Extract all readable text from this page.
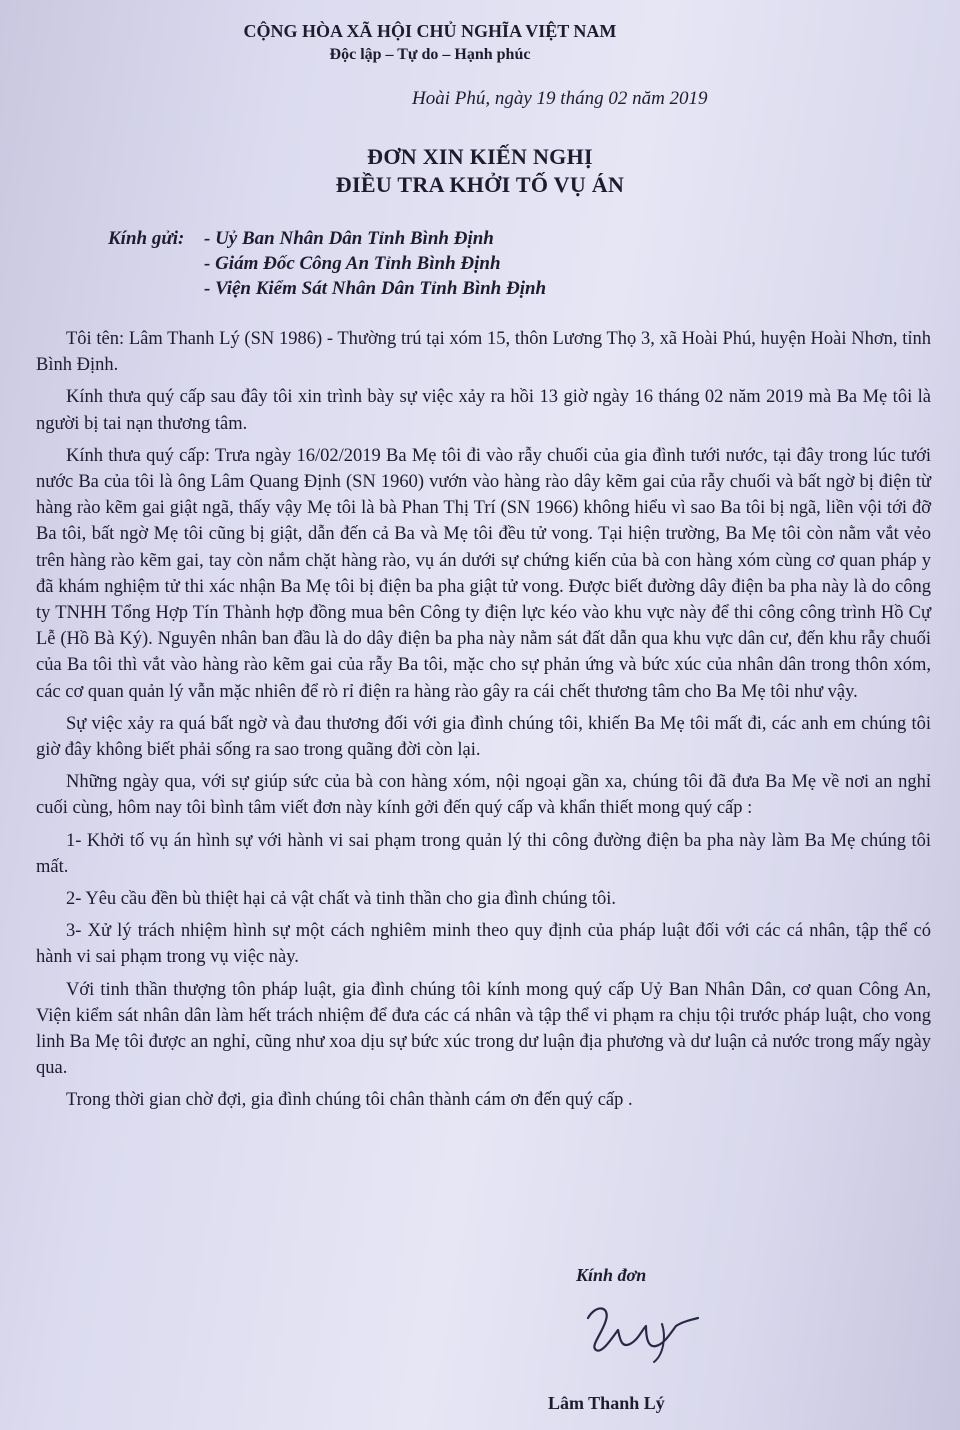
CỘNG HÒA XÃ HỘI CHỦ NGHĨA VIỆT NAM
Độc lập – Tự do – Hạnh phúc
Hoài Phú, ngày 19 tháng 02 năm 2019
ĐƠN XIN KIẾN NGHỊ
ĐIỀU TRA KHỞI TỐ VỤ ÁN
Kính gửi: - Uỷ Ban Nhân Dân Tỉnh Bình Định
- Giám Đốc Công An Tỉnh Bình Định
- Viện Kiểm Sát Nhân Dân Tỉnh Bình Định

Tôi tên: Lâm Thanh Lý (SN 1986) - Thường trú tại xóm 15, thôn Lương Thọ 3, xã Hoài Phú, huyện Hoài Nhơn, tỉnh Bình Định.

Kính thưa quý cấp sau đây tôi xin trình bày sự việc xảy ra hồi 13 giờ ngày 16 tháng 02 năm 2019 mà Ba Mẹ tôi là người bị tai nạn thương tâm.

Kính thưa quý cấp: Trưa ngày 16/02/2019 Ba Mẹ tôi đi vào rẫy chuối của gia đình tưới nước, tại đây trong lúc tưới nước Ba của tôi là ông Lâm Quang Định (SN 1960) vướn vào hàng rào dây kẽm gai của rẫy chuối và bất ngờ bị điện từ hàng rào kẽm gai giật ngã, thấy vậy Mẹ tôi là bà Phan Thị Trí (SN 1966) không hiểu vì sao Ba tôi bị ngã, liền vội tới đỡ Ba tôi, bất ngờ Mẹ tôi cũng bị giật, dẫn đến cả Ba và Mẹ tôi đều tử vong. Tại hiện trường, Ba Mẹ tôi còn nằm vắt vẻo trên hàng rào kẽm gai, tay còn nắm chặt hàng rào, vụ án dưới sự chứng kiến của bà con hàng xóm cùng cơ quan pháp y đã khám nghiệm tử thi xác nhận Ba Mẹ tôi bị điện ba pha giật tử vong. Được biết đường dây điện ba pha này là do công ty TNHH Tổng Hợp Tín Thành hợp đồng mua bên Công ty điện lực kéo vào khu vực này để thi công công trình Hồ Cự Lễ (Hồ Bà Ký). Nguyên nhân ban đầu là do dây điện ba pha này nằm sát đất dẫn qua khu vực dân cư, đến khu rẫy chuối của Ba tôi thì vắt vào hàng rào kẽm gai của rẫy Ba tôi, mặc cho sự phản ứng và bức xúc của nhân dân trong thôn xóm, các cơ quan quản lý vẫn mặc nhiên để rò rỉ điện ra hàng rào gây ra cái chết thương tâm cho Ba Mẹ tôi như vậy.

Sự việc xảy ra quá bất ngờ và đau thương đối với gia đình chúng tôi, khiến Ba Mẹ tôi mất đi, các anh em chúng tôi giờ đây không biết phải sống ra sao trong quãng đời còn lại.

Những ngày qua, với sự giúp sức của bà con hàng xóm, nội ngoại gần xa, chúng tôi đã đưa Ba Mẹ về nơi an nghỉ cuối cùng, hôm nay tôi bình tâm viết đơn này kính gởi đến quý cấp và khẩn thiết mong quý cấp :

1- Khởi tố vụ án hình sự với hành vi sai phạm trong quản lý thi công đường điện ba pha này làm Ba Mẹ chúng tôi mất.

2- Yêu cầu đền bù thiệt hại cả vật chất và tinh thần cho gia đình chúng tôi.

3- Xử lý trách nhiệm hình sự một cách nghiêm minh theo quy định của pháp luật đối với các cá nhân, tập thể có hành vi sai phạm trong vụ việc này.

Với tinh thần thượng tôn pháp luật, gia đình chúng tôi kính mong quý cấp Uỷ Ban Nhân Dân, cơ quan Công An, Viện kiểm sát nhân dân làm hết trách nhiệm để đưa các cá nhân và tập thể vi phạm ra chịu tội trước pháp luật, cho vong linh Ba Mẹ tôi được an nghỉ, cũng như xoa dịu sự bức xúc trong dư luận địa phương và dư luận cả nước trong mấy ngày qua.

Trong thời gian chờ đợi, gia đình chúng tôi chân thành cám ơn đến quý cấp .

Kính đơn
Lâm Thanh Lý
